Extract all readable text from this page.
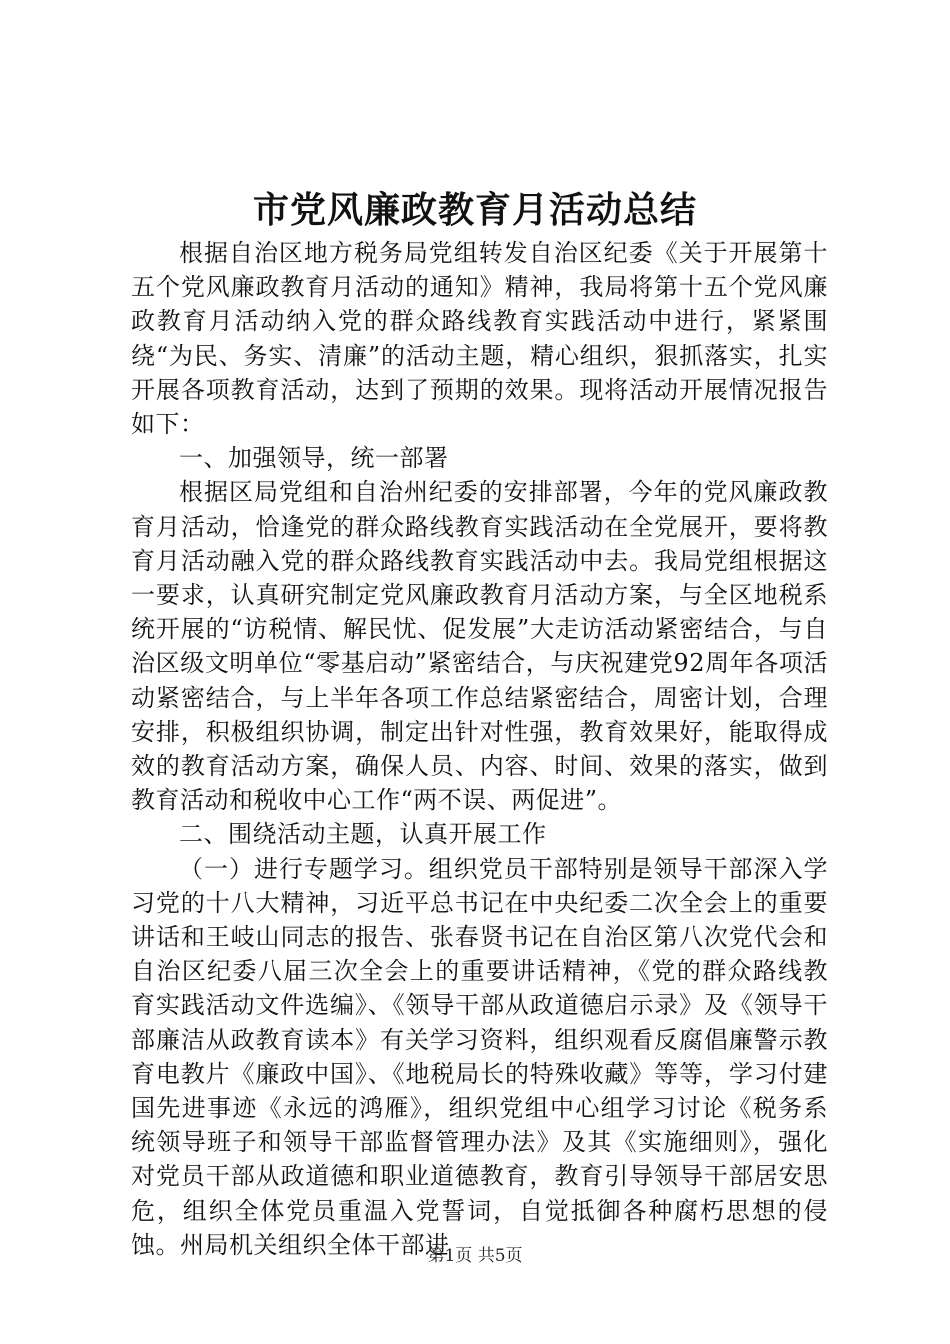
市党风廉政教育月活动总结

根据自治区地方税务局党组转发自治区纪委《关于开展第十五个党风廉政教育月活动的通知》精神，我局将第十五个党风廉政教育月活动纳入党的群众路线教育实践活动中进行，紧紧围绕“为民、务实、清廉”的活动主题，精心组织，狠抓落实，扎实开展各项教育活动，达到了预期的效果。现将活动开展情况报告如下：

一、加强领导，统一部署

根据区局党组和自治州纪委的安排部署，今年的党风廉政教育月活动，恰逢党的群众路线教育实践活动在全党展开，要将教育月活动融入党的群众路线教育实践活动中去。我局党组根据这一要求，认真研究制定党风廉政教育月活动方案，与全区地税系统开展的“访税情、解民忧、促发展”大走访活动紧密结合，与自治区级文明单位“零基启动”紧密结合，与庆祝建党92周年各项活动紧密结合，与上半年各项工作总结紧密结合，周密计划，合理安排，积极组织协调，制定出针对性强，教育效果好，能取得成效的教育活动方案，确保人员、内容、时间、效果的落实，做到教育活动和税收中心工作“两不误、两促进”。

二、围绕活动主题，认真开展工作

（一）进行专题学习。组织党员干部特别是领导干部深入学习党的十八大精神，习近平总书记在中央纪委二次全会上的重要讲话和王岐山同志的报告、张春贤书记在自治区第八次党代会和自治区纪委八届三次全会上的重要讲话精神，《党的群众路线教育实践活动文件选编》、《领导干部从政道德启示录》及《领导干部廉洁从政教育读本》有关学习资料，组织观看反腐倡廉警示教育电教片《廉政中国》、《地税局长的特殊收藏》等等，学习付建国先进事迹《永远的鸿雁》，组织党组中心组学习讨论《税务系统领导班子和领导干部监督管理办法》及其《实施细则》，强化对党员干部从政道德和职业道德教育，教育引导领导干部居安思危，组织全体党员重温入党誓词，自觉抵御各种腐朽思想的侵蚀。州局机关组织全体干部进

第1页 共5页
